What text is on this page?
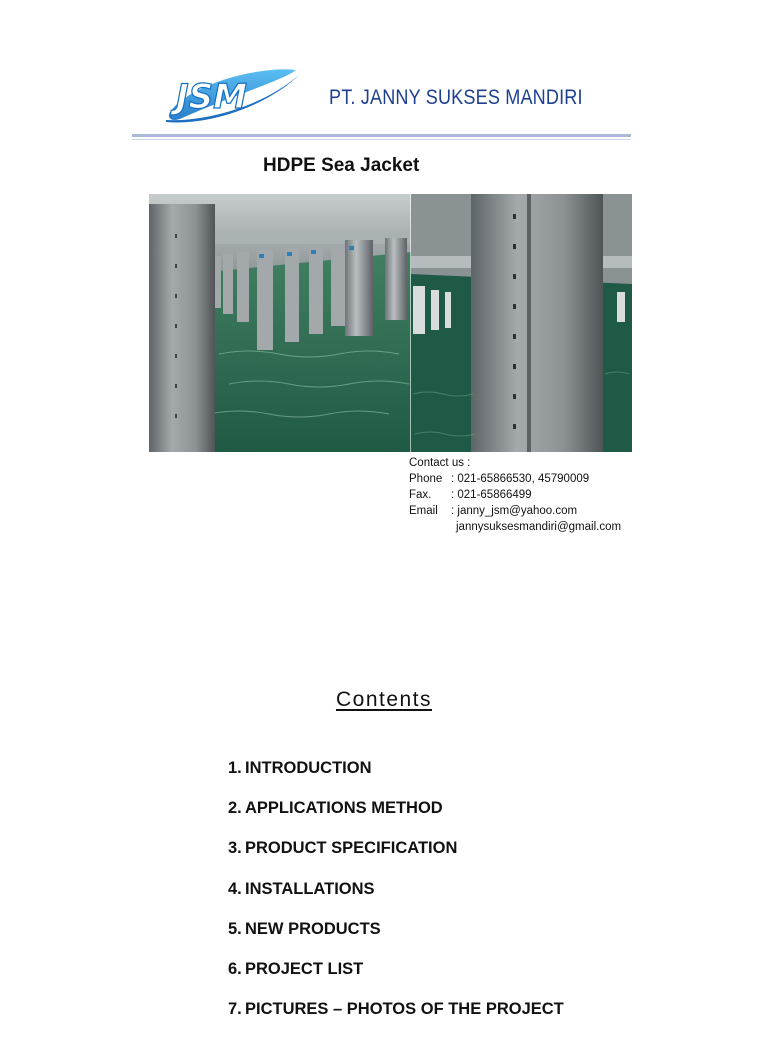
JSM	PT. JANNY SUKSES MANDIRI
HDPE Sea Jacket
Contact us :
Phone : 021-65866530, 45790009
Fax.	: 021-65866499
Email	: janny_jsm@yahoo.com
jannysuksesmandiri@gmail.com
Contents
1. INTRODUCTION
2. APPLICATIONS METHOD
3. PRODUCT SPECIFICATION
4. INSTALLATIONS
5. NEW PRODUCTS
6. PROJECT LIST
7. PICTURES – PHOTOS OF THE PROJECT
